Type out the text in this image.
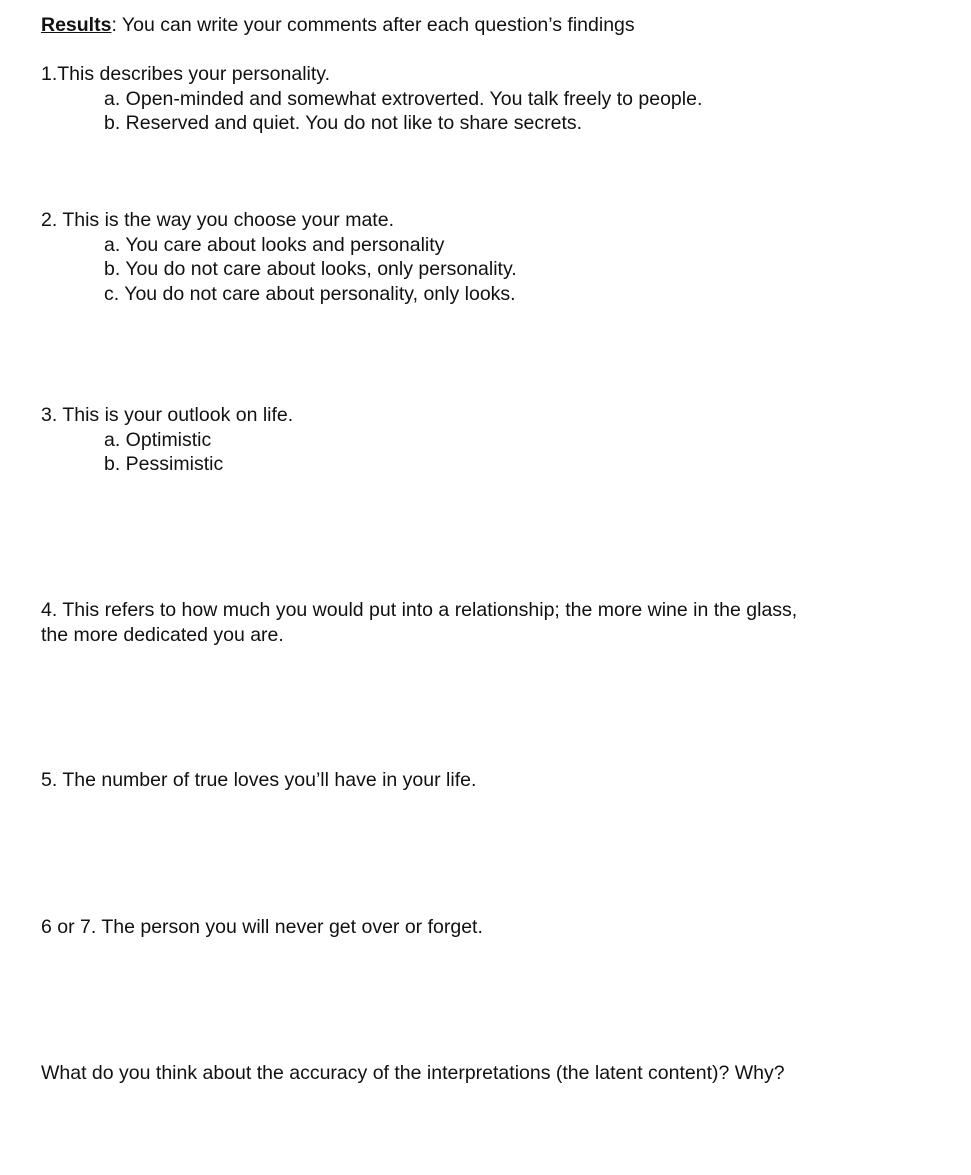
Results: You can write your comments after each question’s findings
1.This describes your personality.
a. Open-minded and somewhat extroverted. You talk freely to people.
b. Reserved and quiet. You do not like to share secrets.
2. This is the way you choose your mate.
a. You care about looks and personality
b. You do not care about looks, only personality.
c. You do not care about personality, only looks.
3. This is your outlook on life.
a. Optimistic
b. Pessimistic
4. This refers to how much you would put into a relationship; the more wine in the glass,
the more dedicated you are.
5. The number of true loves you’ll have in your life.
6 or 7. The person you will never get over or forget.
What do you think about the accuracy of the interpretations (the latent content)? Why?
